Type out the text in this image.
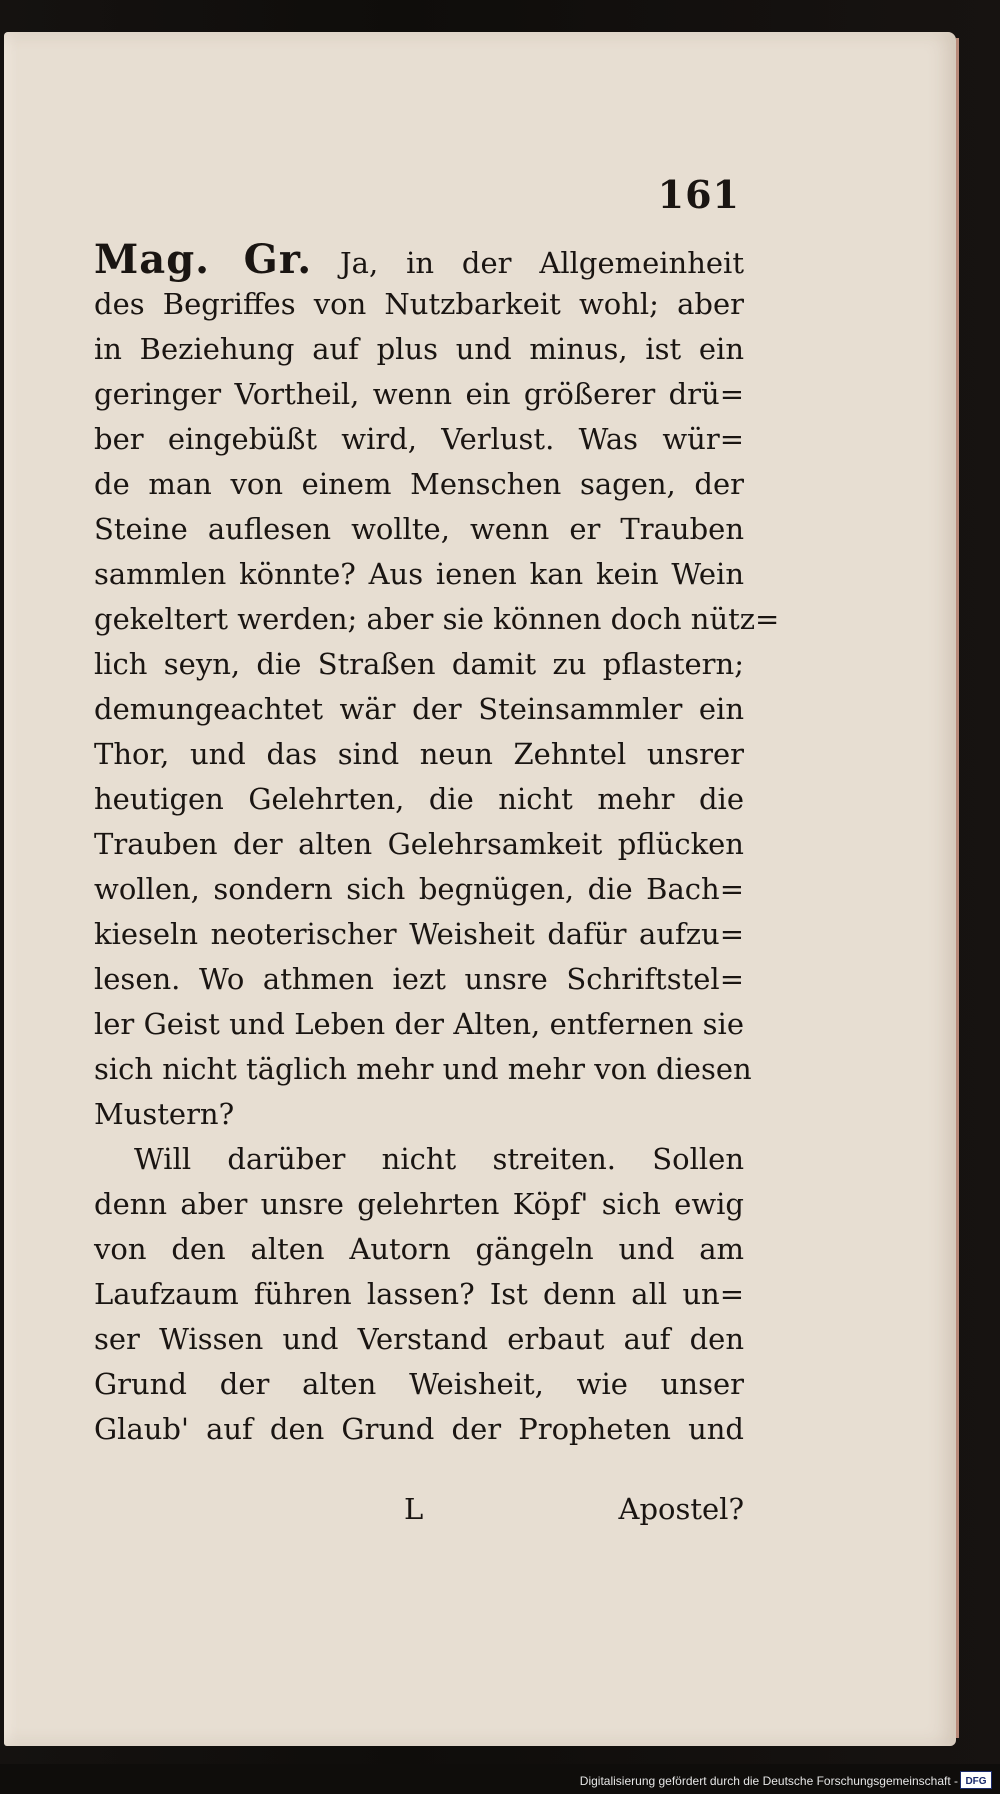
161
Mag. Gr. Ja, in der Allgemeinheit
des Begriffes von Nutzbarkeit wohl; aber
in Beziehung auf plus und minus, ist ein
geringer Vortheil, wenn ein größerer drü=
ber eingebüßt wird, Verlust. Was wür=
de man von einem Menschen sagen, der
Steine auflesen wollte, wenn er Trauben
sammlen könnte? Aus ienen kan kein Wein
gekeltert werden; aber sie können doch nütz=
lich seyn, die Straßen damit zu pflastern;
demungeachtet wär der Steinsammler ein
Thor, und das sind neun Zehntel unsrer
heutigen Gelehrten, die nicht mehr die
Trauben der alten Gelehrsamkeit pflücken
wollen, sondern sich begnügen, die Bach=
kieseln neoterischer Weisheit dafür aufzu=
lesen. Wo athmen iezt unsre Schriftstel=
ler Geist und Leben der Alten, entfernen sie
sich nicht täglich mehr und mehr von diesen
Mustern?
Will darüber nicht streiten. Sollen
denn aber unsre gelehrten Köpf' sich ewig
von den alten Autorn gängeln und am
Laufzaum führen lassen? Ist denn all un=
ser Wissen und Verstand erbaut auf den
Grund der alten Weisheit, wie unser
Glaub' auf den Grund der Propheten und
L	Apostel?
Digitalisierung gefördert durch die Deutsche Forschungsgemeinschaft - DFG
